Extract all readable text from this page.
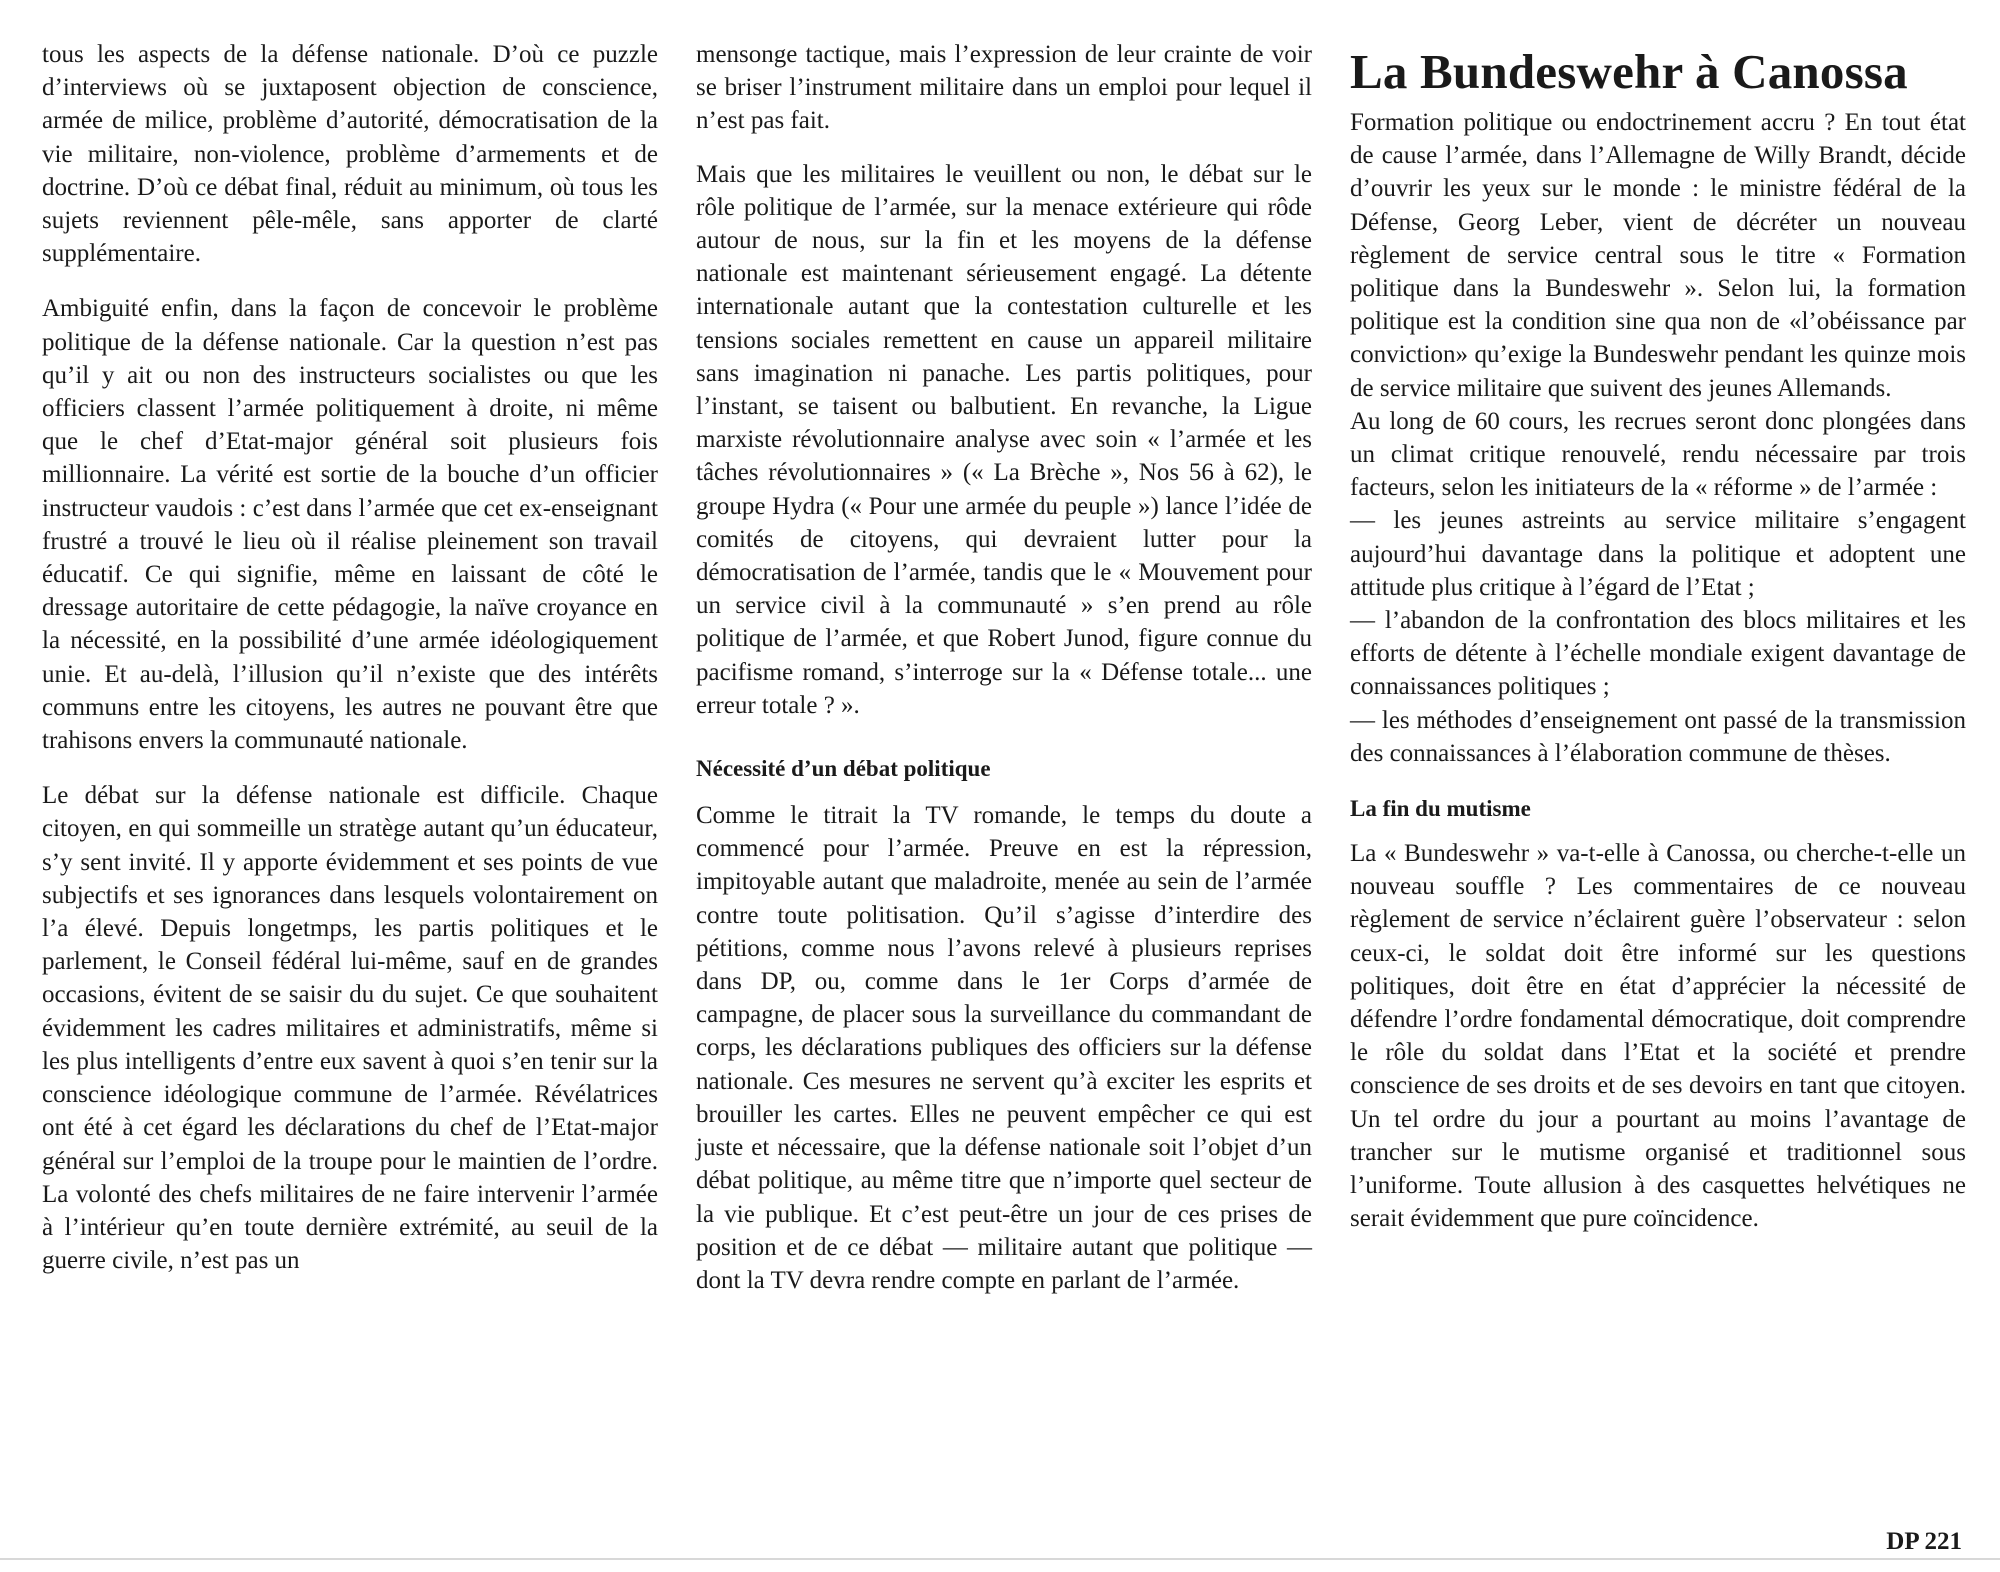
tous les aspects de la défense nationale. D’où ce puzzle d’interviews où se juxtaposent objection de conscience, armée de milice, problème d’autorité, démocratisation de la vie militaire, non-violence, problème d’armements et de doctrine. D’où ce débat final, réduit au minimum, où tous les sujets reviennent pêle-mêle, sans apporter de clarté supplémentaire.

Ambiguité enfin, dans la façon de concevoir le problème politique de la défense nationale. Car la question n’est pas qu’il y ait ou non des instructeurs socialistes ou que les officiers classent l’armée politiquement à droite, ni même que le chef d’Etat-major général soit plusieurs fois millionnaire. La vérité est sortie de la bouche d’un officier instructeur vaudois : c’est dans l’armée que cet ex-enseignant frustré a trouvé le lieu où il réalise pleinement son travail éducatif. Ce qui signifie, même en laissant de côté le dressage autoritaire de cette pédagogie, la naïve croyance en la nécessité, en la possibilité d’une armée idéologiquement unie. Et au-delà, l’illusion qu’il n’existe que des intérêts communs entre les citoyens, les autres ne pouvant être que trahisons envers la communauté nationale.

Le débat sur la défense nationale est difficile. Chaque citoyen, en qui sommeille un stratège autant qu’un éducateur, s’y sent invité. Il y apporte évidemment et ses points de vue subjectifs et ses ignorances dans lesquels volontairement on l’a élevé. Depuis longetmps, les partis politiques et le parlement, le Conseil fédéral lui-même, sauf en de grandes occasions, évitent de se saisir du du sujet. Ce que souhaitent évidemment les cadres militaires et administratifs, même si les plus intelligents d’entre eux savent à quoi s’en tenir sur la conscience idéologique commune de l’armée. Révélatrices ont été à cet égard les déclarations du chef de l’Etat-major général sur l’emploi de la troupe pour le maintien de l’ordre. La volonté des chefs militaires de ne faire intervenir l’armée à l’intérieur qu’en toute dernière extrémité, au seuil de la guerre civile, n’est pas un

mensonge tactique, mais l’expression de leur crainte de voir se briser l’instrument militaire dans un emploi pour lequel il n’est pas fait.

Mais que les militaires le veuillent ou non, le débat sur le rôle politique de l’armée, sur la menace extérieure qui rôde autour de nous, sur la fin et les moyens de la défense nationale est maintenant sérieusement engagé. La détente internationale autant que la contestation culturelle et les tensions sociales remettent en cause un appareil militaire sans imagination ni panache. Les partis politiques, pour l’instant, se taisent ou balbutient. En revanche, la Ligue marxiste révolutionnaire analyse avec soin « l’armée et les tâches révolutionnaires » (« La Brèche », Nos 56 à 62), le groupe Hydra (« Pour une armée du peuple ») lance l’idée de comités de citoyens, qui devraient lutter pour la démocratisation de l’armée, tandis que le « Mouvement pour un service civil à la communauté » s’en prend au rôle politique de l’armée, et que Robert Junod, figure connue du pacifisme romand, s’interroge sur la « Défense totale... une erreur totale ? ».

Nécessité d’un débat politique

Comme le titrait la TV romande, le temps du doute a commencé pour l’armée. Preuve en est la répression, impitoyable autant que maladroite, menée au sein de l’armée contre toute politisation. Qu’il s’agisse d’interdire des pétitions, comme nous l’avons relevé à plusieurs reprises dans DP, ou, comme dans le 1er Corps d’armée de campagne, de placer sous la surveillance du commandant de corps, les déclarations publiques des officiers sur la défense nationale. Ces mesures ne servent qu’à exciter les esprits et brouiller les cartes. Elles ne peuvent empêcher ce qui est juste et nécessaire, que la défense nationale soit l’objet d’un débat politique, au même titre que n’importe quel secteur de la vie publique. Et c’est peut-être un jour de ces prises de position et de ce débat — militaire autant que politique — dont la TV devra rendre compte en parlant de l’armée.

La Bundeswehr à Canossa

Formation politique ou endoctrinement accru ? En tout état de cause l’armée, dans l’Allemagne de Willy Brandt, décide d’ouvrir les yeux sur le monde : le ministre fédéral de la Défense, Georg Leber, vient de décréter un nouveau règlement de service central sous le titre « Formation politique dans la Bundeswehr ». Selon lui, la formation politique est la condition sine qua non de «l’obéissance par conviction» qu’exige la Bundeswehr pendant les quinze mois de service militaire que suivent des jeunes Allemands.

Au long de 60 cours, les recrues seront donc plongées dans un climat critique renouvelé, rendu nécessaire par trois facteurs, selon les initiateurs de la « réforme » de l’armée :

— les jeunes astreints au service militaire s’engagent aujourd’hui davantage dans la politique et adoptent une attitude plus critique à l’égard de l’Etat ;

— l’abandon de la confrontation des blocs militaires et les efforts de détente à l’échelle mondiale exigent davantage de connaissances politiques ;

— les méthodes d’enseignement ont passé de la transmission des connaissances à l’élaboration commune de thèses.

La fin du mutisme

La « Bundeswehr » va-t-elle à Canossa, ou cherche-t-elle un nouveau souffle ? Les commentaires de ce nouveau règlement de service n’éclairent guère l’observateur : selon ceux-ci, le soldat doit être informé sur les questions politiques, doit être en état d’apprécier la nécessité de défendre l’ordre fondamental démocratique, doit comprendre le rôle du soldat dans l’Etat et la société et prendre conscience de ses droits et de ses devoirs en tant que citoyen. Un tel ordre du jour a pourtant au moins l’avantage de trancher sur le mutisme organisé et traditionnel sous l’uniforme. Toute allusion à des casquettes helvétiques ne serait évidemment que pure coïncidence.

DP 221
